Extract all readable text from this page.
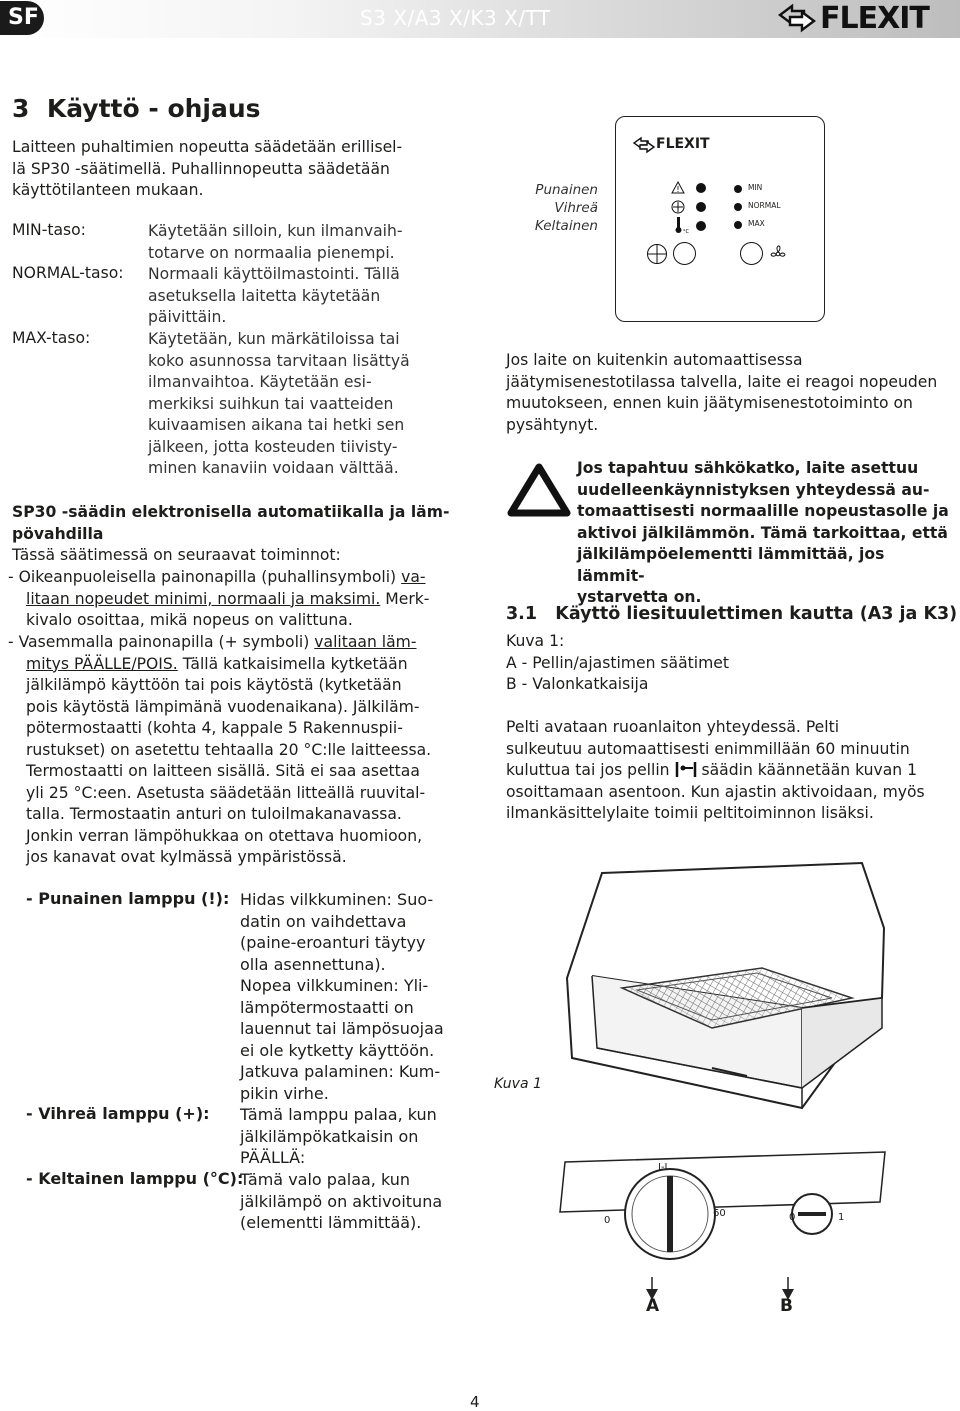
SF	S3 X/A3 X/K3 X/TT	FLEXIT
3 Käyttö - ohjaus
Laitteen puhaltimien nopeutta säädetään erillisel-
lä SP30 -säätimellä. Puhallinnopeutta säädetään
käyttötilanteen mukaan.
MIN-taso:	Käytetään silloin, kun ilmanvaih-
totarve on normaalia pienempi.
NORMAL-taso: Normaali käyttöilmastointi. Tällä
asetuksella laitetta käytetään
päivittäin.
MAX-taso:	Käytetään, kun märkätiloissa tai
koko asunnossa tarvitaan lisättyä
ilmanvaihtoa. Käytetään esi-
merkiksi suihkun tai vaatteiden
kuivaamisen aikana tai hetki sen
jälkeen, jotta kosteuden tiivisty-
minen kanaviin voidaan välttää.
SP30 -säädin elektronisella automatiikalla ja läm-
pövahdilla
Tässä säätimessä on seuraavat toiminnot:
- Oikeanpuoleisella painonapilla (puhallinsymboli) va-
litaan nopeudet minimi, normaali ja maksimi. Merk-
kivalo osoittaa, mikä nopeus on valittuna.
- Vasemmalla painonapilla (+ symboli) valitaan läm-
mitys PÄÄLLE/POIS. Tällä katkaisimella kytketään
jälkilämpö käyttöön tai pois käytöstä (kytketään
pois käytöstä lämpimänä vuodenaikana). Jälkiläm-
pötermostaatti (kohta 4, kappale 5 Rakennuspii-
rustukset) on asetettu tehtaalla 20 °C:lle laitteessa.
Termostaatti on laitteen sisällä. Sitä ei saa asettaa
yli 25 °C:een. Asetusta säädetään litteällä ruuvital-
talla. Termostaatin anturi on tuloilmakanavassa.
Jonkin verran lämpöhukkaa on otettava huomioon,
jos kanavat ovat kylmässä ympäristössä.
- Punainen lamppu (!): Hidas vilkkuminen: Suo-
datin on vaihdettava
(paine-eroanturi täytyy
olla asennettuna).
Nopea vilkkuminen: Yli-
lämpötermostaatti on
lauennut tai lämpösuojaa
ei ole kytketty käyttöön.
Jatkuva palaminen: Kum-
pikin virhe.
- Vihreä lamppu (+): Tämä lamppu palaa, kun
jälkilämpökatkaisin on
PÄÄLLÄ:
- Keltainen lamppu (°C):
Tämä valo palaa, kun
jälkilämpö on aktivoituna
(elementti lämmittää).
Punainen
Vihreä
Keltainen
FLEXIT
!
°C
MIN
NORMAL
MAX
Jos laite on kuitenkin automaattisessa
jäätymisenestotilassa talvella, laite ei reagoi nopeuden
muutokseen, ennen kuin jäätymisenestotoiminto on
pysähtynyt.
Jos tapahtuu sähkökatko, laite asettuu
uudelleenkäynnistyksen yhteydessä au-
tomaattisesti normaalille nopeustasolle ja
aktivoi jälkilämmön. Tämä tarkoittaa, että
jälkilämpöelementti lämmittää, jos lämmit-
ystarvetta on.
3.1 Käyttö liesituulettimen kautta (A3 ja K3)
Kuva 1:
A - Pellin/ajastimen säätimet
B - Valonkatkaisija
Pelti avataan ruoanlaiton yhteydessä. Pelti
sulkeutuu automaattisesti enimmillään 60 minuutin
kuluttua tai jos pellin  säädin käännetään kuvan 1
osoittamaan asentoon. Kun ajastin aktivoidaan, myös
ilmankäsittelylaite toimii peltitoiminnon lisäksi.
Kuva 1
I-I
0
60	0	1
A	B
4
